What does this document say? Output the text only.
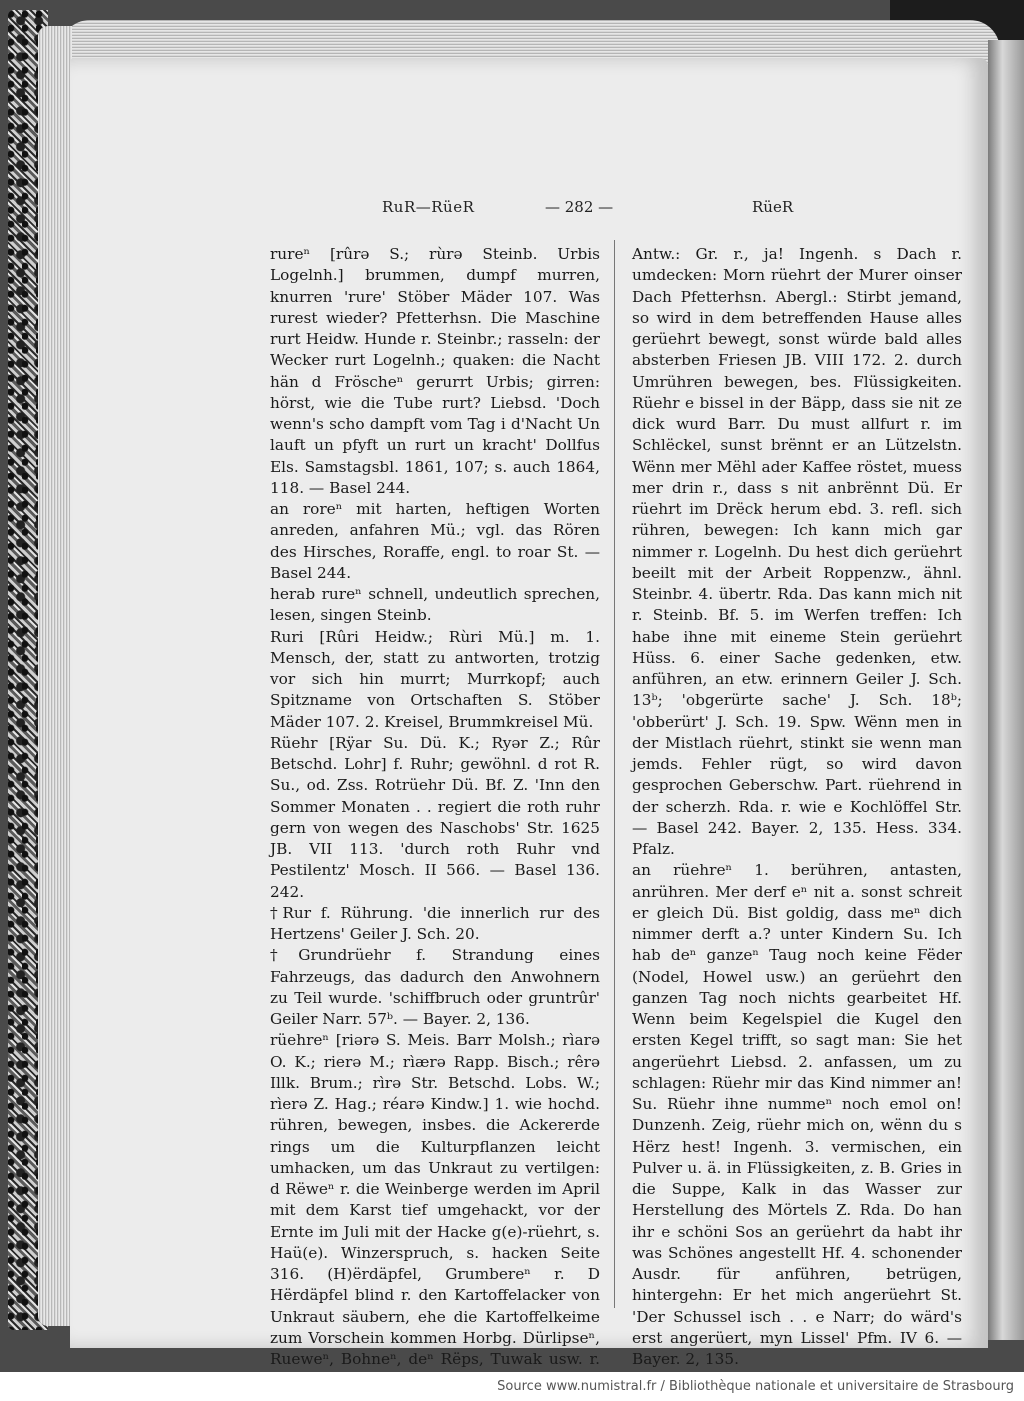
RuR—RüeR	— 282 —	RüeR

rureⁿ [rûrə S.; rùrə Steinb. Urbis Logelnh.] brummen, dumpf murren, knurren 'rure' Stöber Mäder 107. Was rurest wieder? Pfetterhsn. Die Maschine rurt Heidw. Hunde r. Steinbr.; rasseln: der Wecker rurt Logelnh.; quaken: die Nacht hän d Fröscheⁿ gerurrt Urbis; girren: hörst, wie die Tube rurt? Liebsd. 'Doch wenn's scho dampft vom Tag i d'Nacht Un lauft un pfyft un rurt un kracht' Dollfus Els. Samstagsbl. 1861, 107; s. auch 1864, 118. — Basel 244.

an roreⁿ mit harten, heftigen Worten anreden, anfahren Mü.; vgl. das Rören des Hirsches, Roraffe, engl. to roar St. — Basel 244.

herab rureⁿ schnell, undeutlich sprechen, lesen, singen Steinb.

Ruri [Rûri Heidw.; Rùri Mü.] m. 1. Mensch, der, statt zu antworten, trotzig vor sich hin murrt; Murrkopf; auch Spitzname von Ortschaften S. Stöber Mäder 107. 2. Kreisel, Brummkreisel Mü.

Rüehr [Rÿar Su. Dü. K.; Ryər Z.; Rûr Betschd. Lohr] f. Ruhr; gewöhnl. d rot R. Su., od. Zss. Rotrüehr Dü. Bf. Z. 'Inn den Sommer Monaten . . regiert die roth ruhr gern von wegen des Naschobs' Str. 1625 JB. VII 113. 'durch roth Ruhr vnd Pestilentz' Mosch. II 566. — Basel 136. 242.

†Rur f. Rührung. 'die innerlich rur des Hertzens' Geiler J. Sch. 20.

†Grundrüehr f. Strandung eines Fahrzeugs, das dadurch den Anwohnern zu Teil wurde. 'schiffbruch oder gruntrûr' Geiler Narr. 57ᵇ. — Bayer. 2, 136.

rüehreⁿ [riərə S. Meis. Barr Molsh.; rìarə O. K.; rierə M.; rìærə Rapp. Bisch.; rêrə Illk. Brum.; rìrə Str. Betschd. Lobs. W.; rìerə Z. Hag.; réarə Kindw.] 1. wie hochd. rühren, bewegen, insbes. die Ackererde rings um die Kulturpflanzen leicht umhacken, um das Unkraut zu vertilgen: d Rëweⁿ r. die Weinberge werden im April mit dem Karst tief umgehackt, vor der Ernte im Juli mit der Hacke g(e)-rüehrt, s. Haü(e). Winzerspruch, s. hacken Seite 316. (H)ërdäpfel, Grumbereⁿ r. D Hërdäpfel blind r. den Kartoffelacker von Unkraut säubern, ehe die Kartoffelkeime zum Vorschein kommen Horbg. Dürlipseⁿ, Rueweⁿ, Bohneⁿ, deⁿ Rëps, Tuwak usw. r.

Antw.: Gr. r., ja! Ingenh. s Dach r. umdecken: Morn rüehrt der Murer oinser Dach Pfetterhsn. Abergl.: Stirbt jemand, so wird in dem betreffenden Hause alles gerüehrt bewegt, sonst würde bald alles absterben Friesen JB. VIII 172. 2. durch Umrühren bewegen, bes. Flüssigkeiten. Rüehr e bissel in der Bäpp, dass sie nit ze dick wurd Barr. Du must allfurt r. im Schlëckel, sunst brënnt er an Lützelstn. Wënn mer Mëhl ader Kaffee röstet, muess mer drin r., dass s nit anbrënnt Dü. Er rüehrt im Drëck herum ebd. 3. refl. sich rühren, bewegen: Ich kann mich gar nimmer r. Logelnh. Du hest dich gerüehrt beeilt mit der Arbeit Roppenzw., ähnl. Steinbr. 4. übertr. Rda. Das kann mich nit r. Steinb. Bf. 5. im Werfen treffen: Ich habe ihne mit eineme Stein gerüehrt Hüss. 6. einer Sache gedenken, etw. anführen, an etw. erinnern Geiler J. Sch. 13ᵇ; 'obgerürte sache' J. Sch. 18ᵇ; 'obberürt' J. Sch. 19. Spw. Wënn men in der Mistlach rüehrt, stinkt sie wenn man jemds. Fehler rügt, so wird davon gesprochen Geberschw. Part. rüehrend in der scherzh. Rda. r. wie e Kochlöffel Str. — Basel 242. Bayer. 2, 135. Hess. 334. Pfalz.

an rüehreⁿ 1. berühren, antasten, anrühren. Mer derf eⁿ nit a. sonst schreit er gleich Dü. Bist goldig, dass meⁿ dich nimmer derft a.? unter Kindern Su. Ich hab deⁿ ganzeⁿ Taug noch keine Fëder (Nodel, Howel usw.) an gerüehrt den ganzen Tag noch nichts gearbeitet Hf. Wenn beim Kegelspiel die Kugel den ersten Kegel trifft, so sagt man: Sie het angerüehrt Liebsd. 2. anfassen, um zu schlagen: Rüehr mir das Kind nimmer an! Su. Rüehr ihne nummeⁿ noch emol on! Dunzenh. Zeig, rüehr mich on, wënn du s Hërz hest! Ingenh. 3. vermischen, ein Pulver u. ä. in Flüssigkeiten, z. B. Gries in die Suppe, Kalk in das Wasser zur Herstellung des Mörtels Z. Rda. Do han ihr e schöni Sos an gerüehrt da habt ihr was Schönes angestellt Hf. 4. schonender Ausdr. für anführen, betrügen, hintergehn: Er het mich angerüehrt St. 'Der Schussel isch . . e Narr; do wärd's erst angerüert, myn Lissel' Pfm. IV 6. — Bayer. 2, 135.

Source www.numistral.fr / Bibliothèque nationale et universitaire de Strasbourg
